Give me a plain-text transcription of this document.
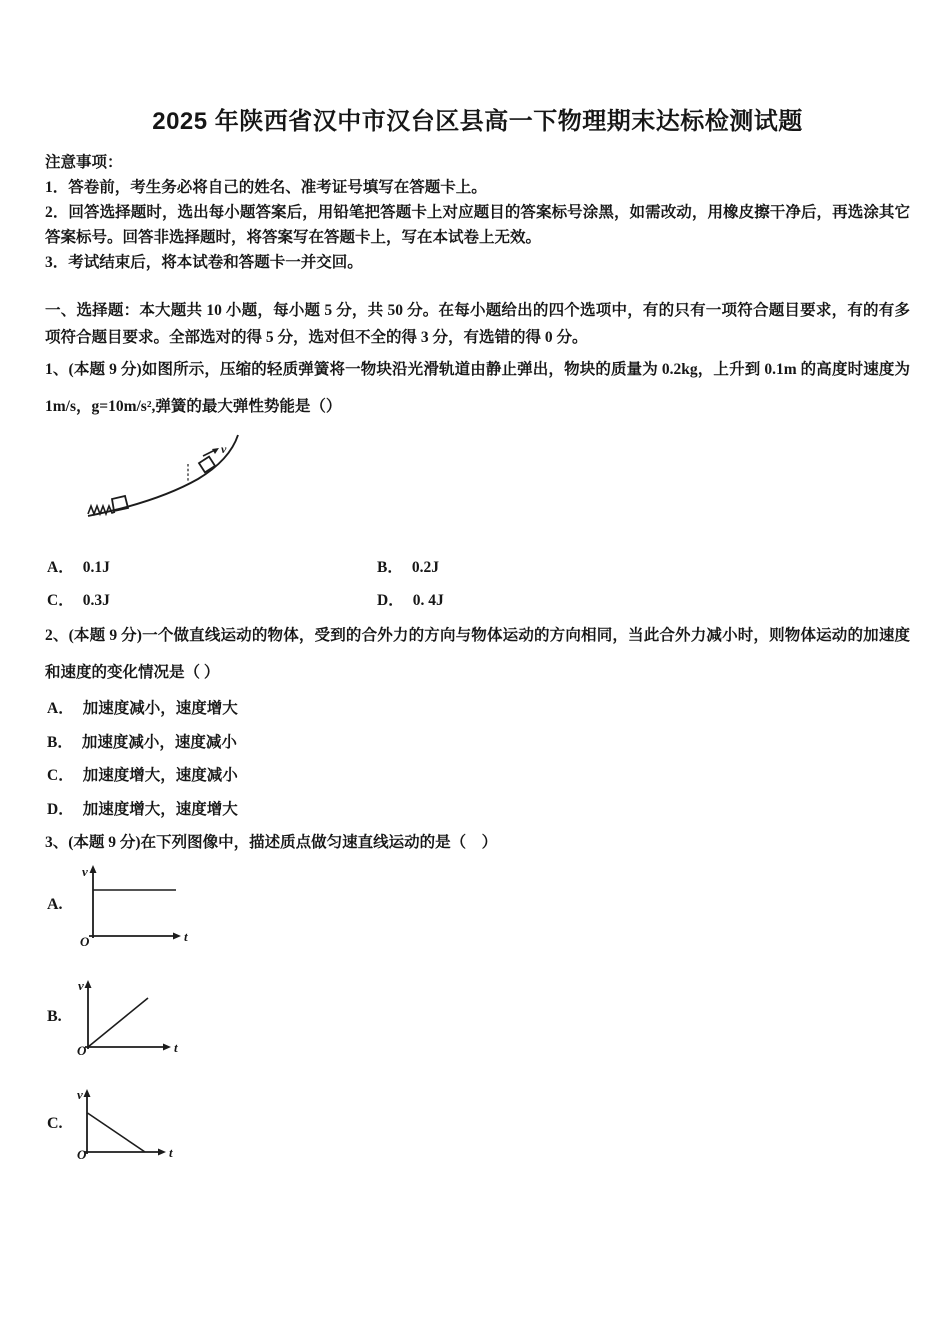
2025 年陕西省汉中市汉台区县高一下物理期末达标检测试题

注意事项：

1．答卷前，考生务必将自己的姓名、准考证号填写在答题卡上。

2．回答选择题时，选出每小题答案后，用铅笔把答题卡上对应题目的答案标号涂黑，如需改动，用橡皮擦干净后，再选涂其它答案标号。回答非选择题时，将答案写在答题卡上，写在本试卷上无效。

3．考试结束后，将本试卷和答题卡一并交回。

一、选择题：本大题共 10 小题，每小题 5 分，共 50 分。在每小题给出的四个选项中，有的只有一项符合题目要求，有的有多项符合题目要求。全部选对的得 5 分，选对但不全的得 3 分，有选错的得 0 分。

1、(本题 9 分)如图所示，压缩的轻质弹簧将一物块沿光滑轨道由静止弹出，物块的质量为 0.2kg，上升到 0.1m 的高度时速度为 1m/s，g=10m/s²,弹簧的最大弹性势能是（）

v

A． 0.1J	B． 0.2J

C． 0.3J	D． 0. 4J

2、(本题 9 分)一个做直线运动的物体，受到的合外力的方向与物体运动的方向相同，当此合外力减小时，则物体运动的加速度和速度的变化情况是（ ）

A． 加速度减小，速度增大

B． 加速度减小，速度减小

C． 加速度增大，速度减小

D． 加速度增大，速度增大

3、(本题 9 分)在下列图像中，描述质点做匀速直线运动的是（　）

A.
v
O	t
B.
v
O	t
C.
v
O	t
